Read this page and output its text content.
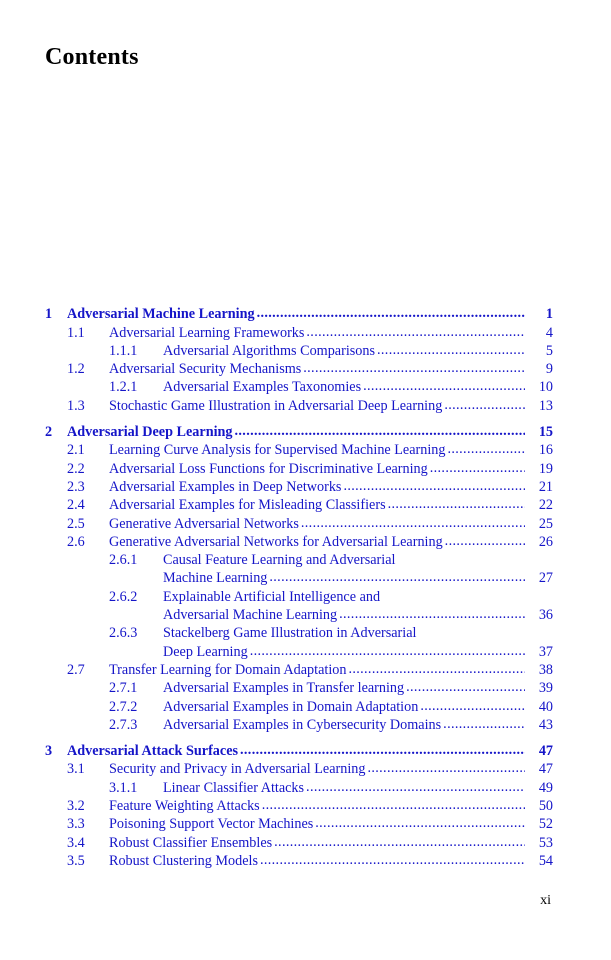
Contents
1	Adversarial Machine Learning . . .	1
1.1	Adversarial Learning Frameworks . . .	4
1.1.1	Adversarial Algorithms Comparisons . . .	5
1.2	Adversarial Security Mechanisms . . .	9
1.2.1	Adversarial Examples Taxonomies . . .	10
1.3	Stochastic Game Illustration in Adversarial Deep Learning . . .	13
2	Adversarial Deep Learning . . .	15
2.1	Learning Curve Analysis for Supervised Machine Learning . . .	16
2.2	Adversarial Loss Functions for Discriminative Learning . . .	19
2.3	Adversarial Examples in Deep Networks . . .	21
2.4	Adversarial Examples for Misleading Classifiers . . .	22
2.5	Generative Adversarial Networks . . .	25
2.6	Generative Adversarial Networks for Adversarial Learning . . .	26
2.6.1	Causal Feature Learning and Adversarial
Machine Learning . . .	27
2.6.2	Explainable Artificial Intelligence and
Adversarial Machine Learning . . .	36
2.6.3	Stackelberg Game Illustration in Adversarial
Deep Learning . . .	37
2.7	Transfer Learning for Domain Adaptation . . .	38
2.7.1	Adversarial Examples in Transfer learning . . .	39
2.7.2	Adversarial Examples in Domain Adaptation . . .	40
2.7.3	Adversarial Examples in Cybersecurity Domains . . .	43
3	Adversarial Attack Surfaces . . .	47
3.1	Security and Privacy in Adversarial Learning . . .	47
3.1.1	Linear Classifier Attacks . . .	49
3.2	Feature Weighting Attacks . . .	50
3.3	Poisoning Support Vector Machines . . .	52
3.4	Robust Classifier Ensembles . . .	53
3.5	Robust Clustering Models . . .	54
xi
